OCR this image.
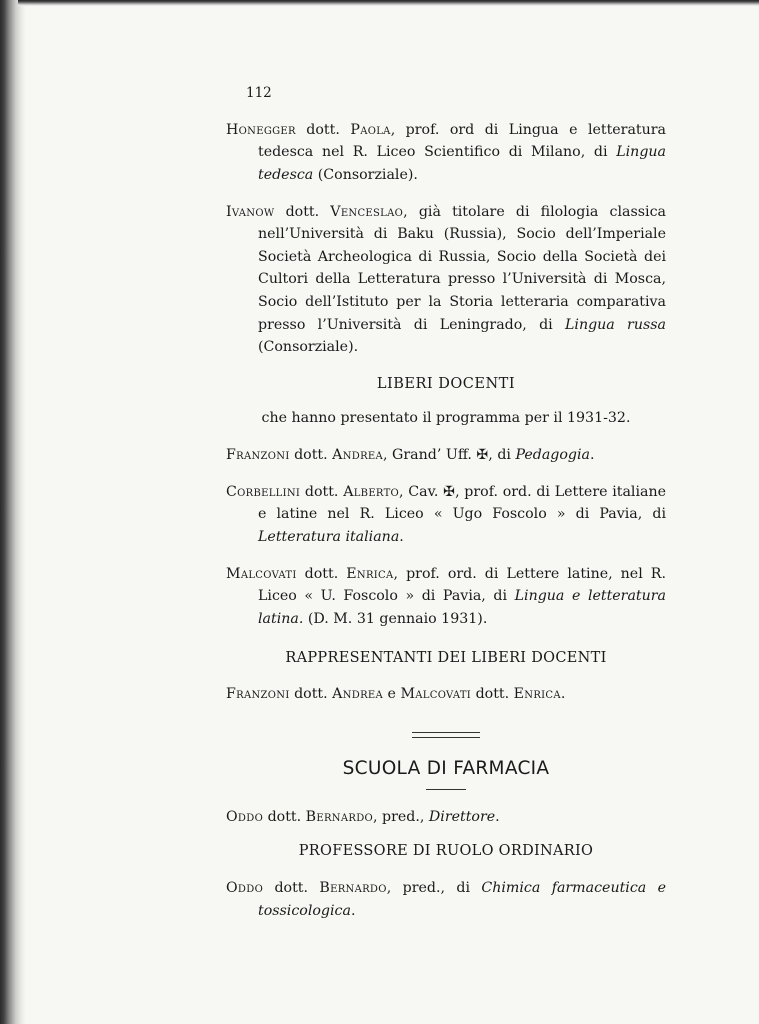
112

Honegger dott. Paola, prof. ord di Lingua e letteratura tedesca nel R. Liceo Scientifico di Milano, di Lingua tedesca (Consorziale).

Ivanow dott. Venceslao, già titolare di filologia classica nell’Università di Baku (Russia), Socio dell’Imperiale Società Archeologica di Russia, Socio della Società dei Cultori della Letteratura presso l’Università di Mosca, Socio dell’Istituto per la Storia letteraria comparativa presso l’Università di Leningrado, di Lingua russa (Consorziale).

LIBERI DOCENTI
che hanno presentato il programma per il 1931-32.

Franzoni dott. Andrea, Grand’ Uff. ✠, di Pedagogia.

Corbellini dott. Alberto, Cav. ✠, prof. ord. di Lettere italiane e latine nel R. Liceo « Ugo Foscolo » di Pavia, di Letteratura italiana.

Malcovati dott. Enrica, prof. ord. di Lettere latine, nel R. Liceo « U. Foscolo » di Pavia, di Lingua e letteratura latina. (D. M. 31 gennaio 1931).

RAPPRESENTANTI DEI LIBERI DOCENTI

Franzoni dott. Andrea e Malcovati dott. Enrica.

SCUOLA DI FARMACIA

Oddo dott. Bernardo, pred., Direttore.

PROFESSORE DI RUOLO ORDINARIO

Oddo dott. Bernardo, pred., di Chimica farmaceutica e tossicologica.
